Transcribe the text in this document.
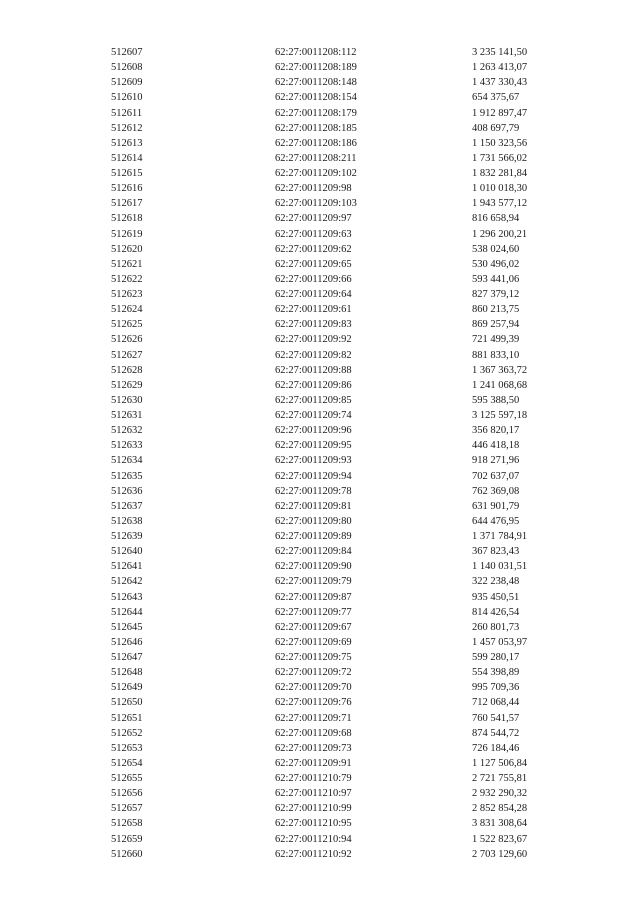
512607	62:27:0011208:112	3 235 141,50
512608	62:27:0011208:189	1 263 413,07
512609	62:27:0011208:148	1 437 330,43
512610	62:27:0011208:154	654 375,67
512611	62:27:0011208:179	1 912 897,47
512612	62:27:0011208:185	408 697,79
512613	62:27:0011208:186	1 150 323,56
512614	62:27:0011208:211	1 731 566,02
512615	62:27:0011209:102	1 832 281,84
512616	62:27:0011209:98	1 010 018,30
512617	62:27:0011209:103	1 943 577,12
512618	62:27:0011209:97	816 658,94
512619	62:27:0011209:63	1 296 200,21
512620	62:27:0011209:62	538 024,60
512621	62:27:0011209:65	530 496,02
512622	62:27:0011209:66	593 441,06
512623	62:27:0011209:64	827 379,12
512624	62:27:0011209:61	860 213,75
512625	62:27:0011209:83	869 257,94
512626	62:27:0011209:92	721 499,39
512627	62:27:0011209:82	881 833,10
512628	62:27:0011209:88	1 367 363,72
512629	62:27:0011209:86	1 241 068,68
512630	62:27:0011209:85	595 388,50
512631	62:27:0011209:74	3 125 597,18
512632	62:27:0011209:96	356 820,17
512633	62:27:0011209:95	446 418,18
512634	62:27:0011209:93	918 271,96
512635	62:27:0011209:94	702 637,07
512636	62:27:0011209:78	762 369,08
512637	62:27:0011209:81	631 901,79
512638	62:27:0011209:80	644 476,95
512639	62:27:0011209:89	1 371 784,91
512640	62:27:0011209:84	367 823,43
512641	62:27:0011209:90	1 140 031,51
512642	62:27:0011209:79	322 238,48
512643	62:27:0011209:87	935 450,51
512644	62:27:0011209:77	814 426,54
512645	62:27:0011209:67	260 801,73
512646	62:27:0011209:69	1 457 053,97
512647	62:27:0011209:75	599 280,17
512648	62:27:0011209:72	554 398,89
512649	62:27:0011209:70	995 709,36
512650	62:27:0011209:76	712 068,44
512651	62:27:0011209:71	760 541,57
512652	62:27:0011209:68	874 544,72
512653	62:27:0011209:73	726 184,46
512654	62:27:0011209:91	1 127 506,84
512655	62:27:0011210:79	2 721 755,81
512656	62:27:0011210:97	2 932 290,32
512657	62:27:0011210:99	2 852 854,28
512658	62:27:0011210:95	3 831 308,64
512659	62:27:0011210:94	1 522 823,67
512660	62:27:0011210:92	2 703 129,60
